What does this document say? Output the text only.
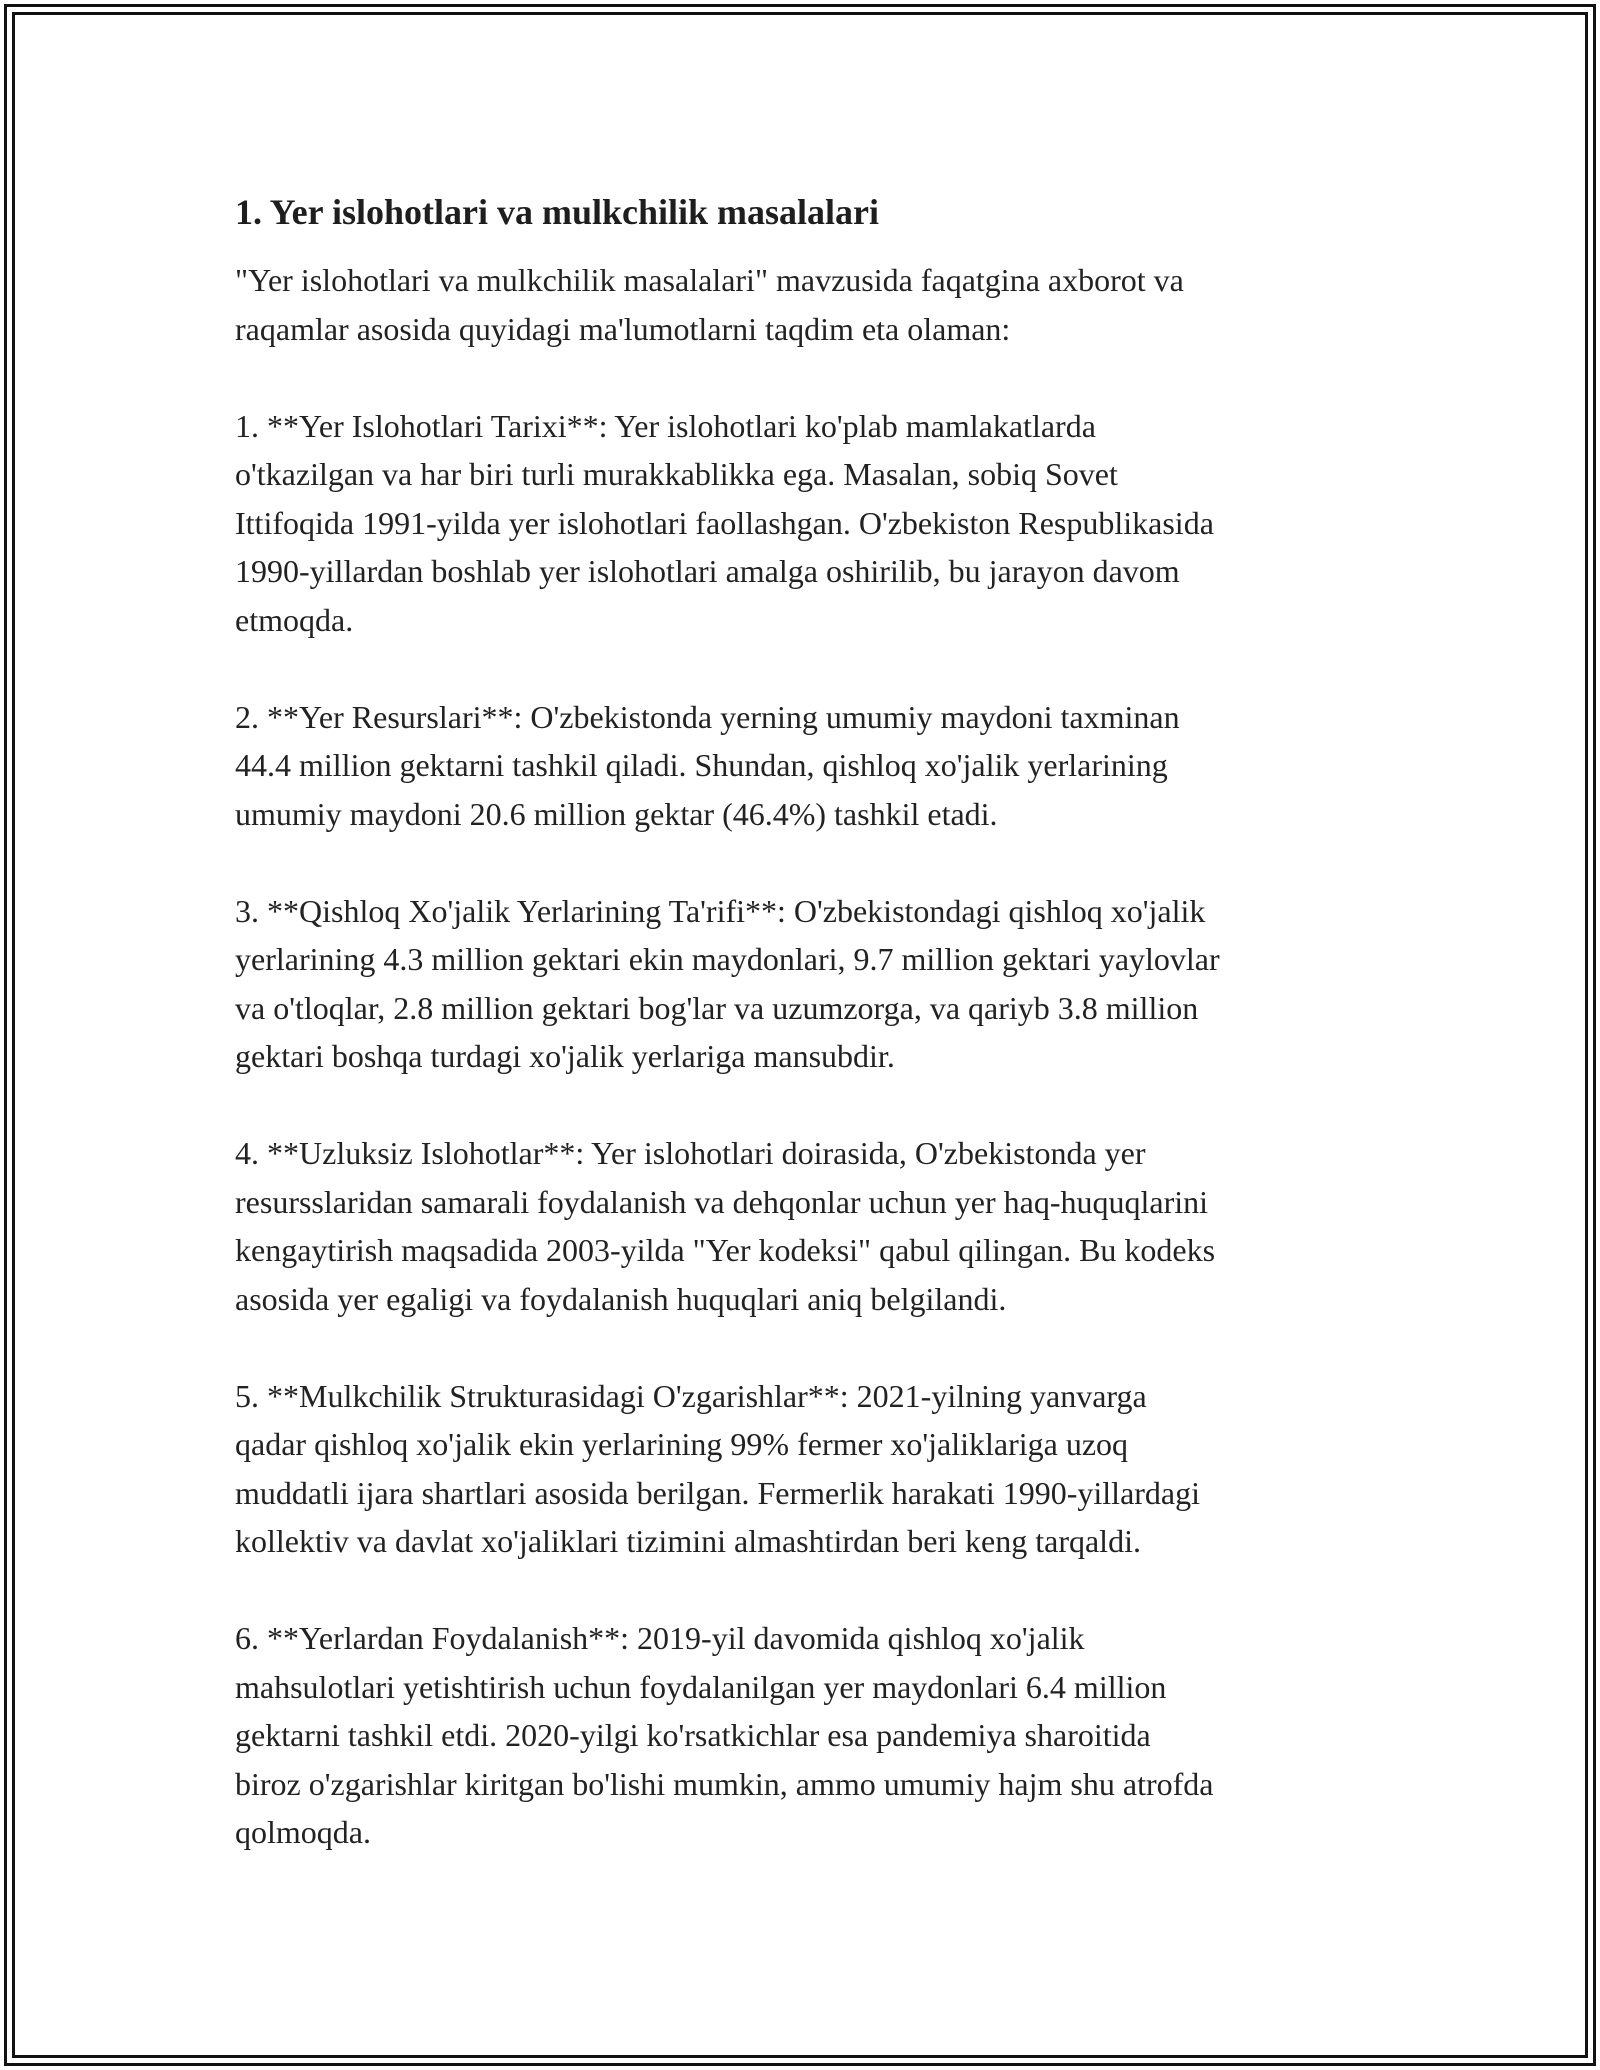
1. Yer islohotlari va mulkchilik masalalari

"Yer islohotlari va mulkchilik masalalari" mavzusida faqatgina axborot va
raqamlar asosida quyidagi ma'lumotlarni taqdim eta olaman:

1. **Yer Islohotlari Tarixi**: Yer islohotlari ko'plab mamlakatlarda
o'tkazilgan va har biri turli murakkablikka ega. Masalan, sobiq Sovet
Ittifoqida 1991-yilda yer islohotlari faollashgan. O'zbekiston Respublikasida
1990-yillardan boshlab yer islohotlari amalga oshirilib, bu jarayon davom
etmoqda.

2. **Yer Resurslari**: O'zbekistonda yerning umumiy maydoni taxminan
44.4 million gektarni tashkil qiladi. Shundan, qishloq xo'jalik yerlarining
umumiy maydoni 20.6 million gektar (46.4%) tashkil etadi.

3. **Qishloq Xo'jalik Yerlarining Ta'rifi**: O'zbekistondagi qishloq xo'jalik
yerlarining 4.3 million gektari ekin maydonlari, 9.7 million gektari yaylovlar
va o'tloqlar, 2.8 million gektari bog'lar va uzumzorga, va qariyb 3.8 million
gektari boshqa turdagi xo'jalik yerlariga mansubdir.

4. **Uzluksiz Islohotlar**: Yer islohotlari doirasida, O'zbekistonda yer
resursslaridan samarali foydalanish va dehqonlar uchun yer haq-huquqlarini
kengaytirish maqsadida 2003-yilda "Yer kodeksi" qabul qilingan. Bu kodeks
asosida yer egaligi va foydalanish huquqlari aniq belgilandi.

5. **Mulkchilik Strukturasidagi O'zgarishlar**: 2021-yilning yanvarga
qadar qishloq xo'jalik ekin yerlarining 99% fermer xo'jaliklariga uzoq
muddatli ijara shartlari asosida berilgan. Fermerlik harakati 1990-yillardagi
kollektiv va davlat xo'jaliklari tizimini almashtirdan beri keng tarqaldi.

6. **Yerlardan Foydalanish**: 2019-yil davomida qishloq xo'jalik
mahsulotlari yetishtirish uchun foydalanilgan yer maydonlari 6.4 million
gektarni tashkil etdi. 2020-yilgi ko'rsatkichlar esa pandemiya sharoitida
biroz o'zgarishlar kiritgan bo'lishi mumkin, ammo umumiy hajm shu atrofda
qolmoqda.
